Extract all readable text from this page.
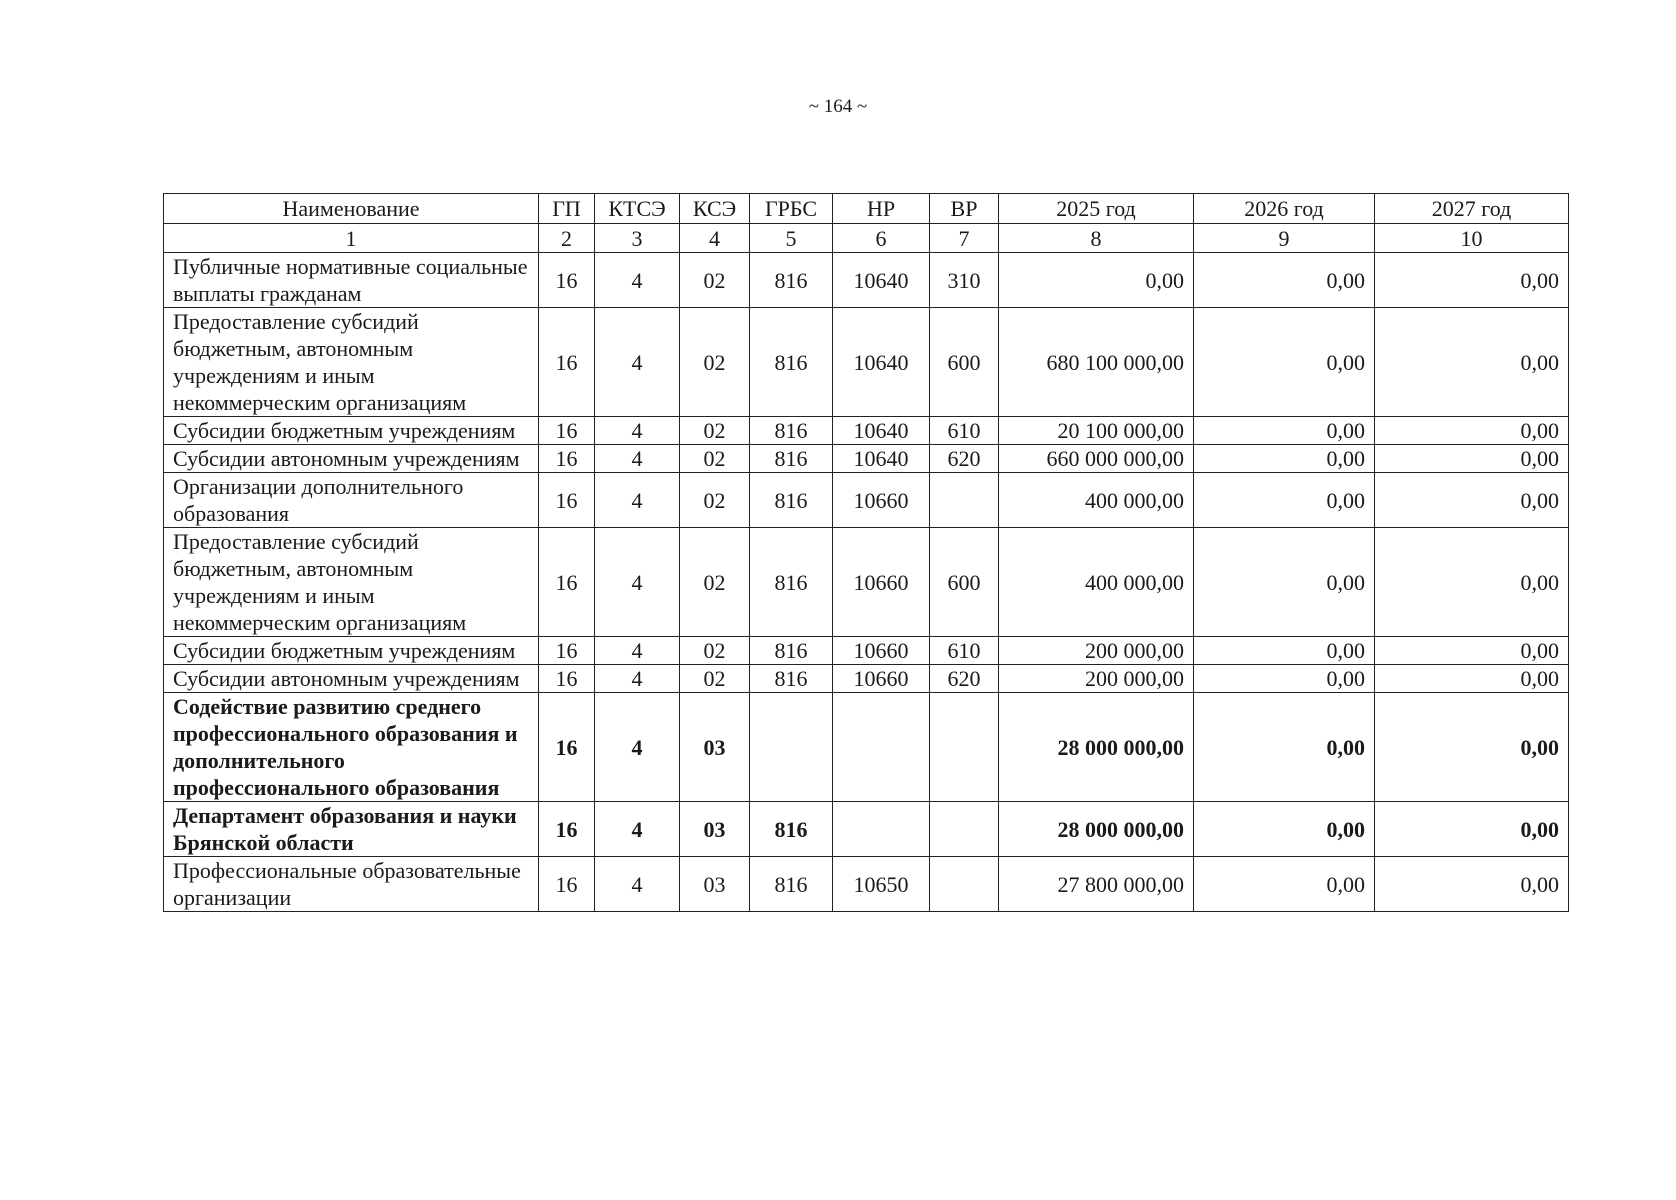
~ 164 ~
Наименование	ГП	КТСЭ	КСЭ	ГРБС	НР	ВР	2025 год	2026 год	2027 год
1	2	3	4	5	6	7	8	9	10
Публичные нормативные социальные выплаты гражданам	16	4	02	816	10640	310	0,00	0,00	0,00
Предоставление субсидий бюджетным, автономным учреждениям и иным некоммерческим организациям	16	4	02	816	10640	600	680 100 000,00	0,00	0,00
Субсидии бюджетным учреждениям	16	4	02	816	10640	610	20 100 000,00	0,00	0,00
Субсидии автономным учреждениям	16	4	02	816	10640	620	660 000 000,00	0,00	0,00
Организации дополнительного образования	16	4	02	816	10660		400 000,00	0,00	0,00
Предоставление субсидий бюджетным, автономным учреждениям и иным некоммерческим организациям	16	4	02	816	10660	600	400 000,00	0,00	0,00
Субсидии бюджетным учреждениям	16	4	02	816	10660	610	200 000,00	0,00	0,00
Субсидии автономным учреждениям	16	4	02	816	10660	620	200 000,00	0,00	0,00
Содействие развитию среднего профессионального образования и дополнительного профессионального образования	16	4	03				28 000 000,00	0,00	0,00
Департамент образования и науки Брянской области	16	4	03	816			28 000 000,00	0,00	0,00
Профессиональные образовательные организации	16	4	03	816	10650		27 800 000,00	0,00	0,00
